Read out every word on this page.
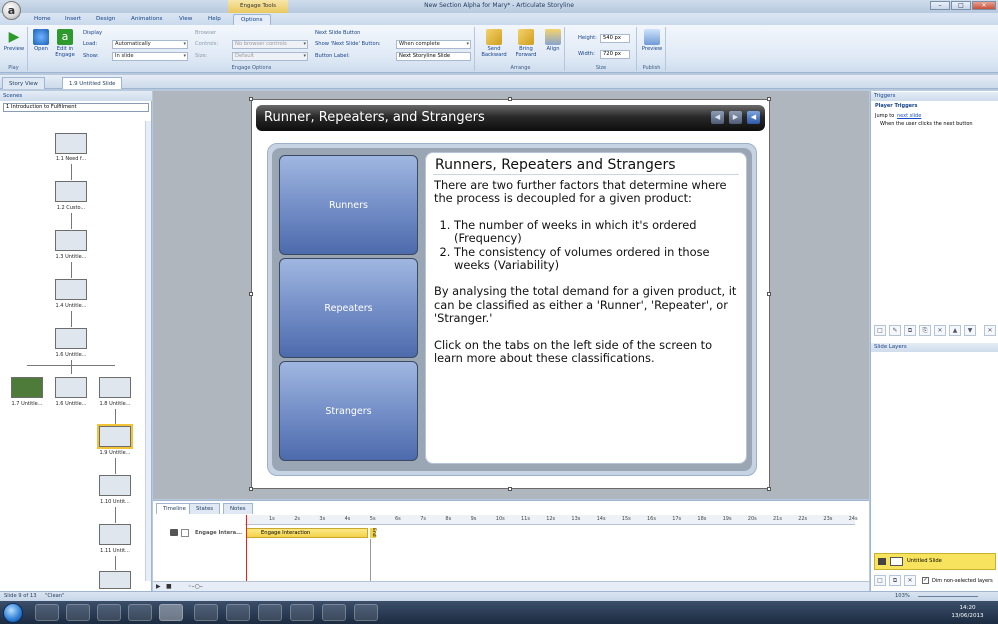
New Section Alpha for Mary* - Articulate Storyline
Engage Tools	–	□	✕
a
Home	Insert	Design	Animations	View	Help	Options
▶
Preview
Play
Open
a
Edit in Engage
Display
Load:	Automatically ▾
Show:	In slide ▾
Browser
Controls:	No browser controls ▾
Size:	Default ▾
Next Slide Button
Show 'Next Slide' Button:	When complete ▾
Button Label:	Next Storyline Slide
Engage Options
Send Backward
Bring Forward
Align
Arrange
Height:	540 px
Width:	720 px
Size
Preview
Publish
Story View	1.9 Untitled Slide
Scenes
1 Introduction to Fulfilment
1.1 Need f...
1.2 Custo...
1.3 Untitle...
1.4 Untitle...
1.6 Untitle...
1.7 Untitle...	1.6 Untitle...	1.8 Untitle...
1.9 Untitle...
1.10 Untit...
1.11 Untit...
Runner, Repeaters, and Strangers	◀	▶	◀
Runners
Repeaters
Strangers
Runners, Repeaters and Strangers

There are two further factors that determine where the process is decoupled for a given product:

1. The number of weeks in which it's ordered (Frequency)
2. The consistency of volumes ordered in those weeks (Variability)

By analysing the total demand for a given product, it can be classified as either a 'Runner', 'Repeater', or 'Stranger.'

Click on the tabs on the left side of the screen to learn more about these classifications.

Timeline	States	Notes
1s	2s	3s	4s	5s	6s	7s	8s	9s	10s	11s	12s	13s	14s	15s	16s	17s	18s	19s	20s	21s	22s	23s	24s
Engage Intera...	Engage Interaction	End
▶ ■	◦–○–
Triggers
Player Triggers
Jump to next slide
When the user clicks the next button
□	✎	⧉	⎘	✕	▲	▼	✕
Slide Layers
Untitled Slide
□	⧉	✕	✓ Dim non-selected layers
Slide 9 of 13 "Clean"	103%
14:20
13/06/2013
